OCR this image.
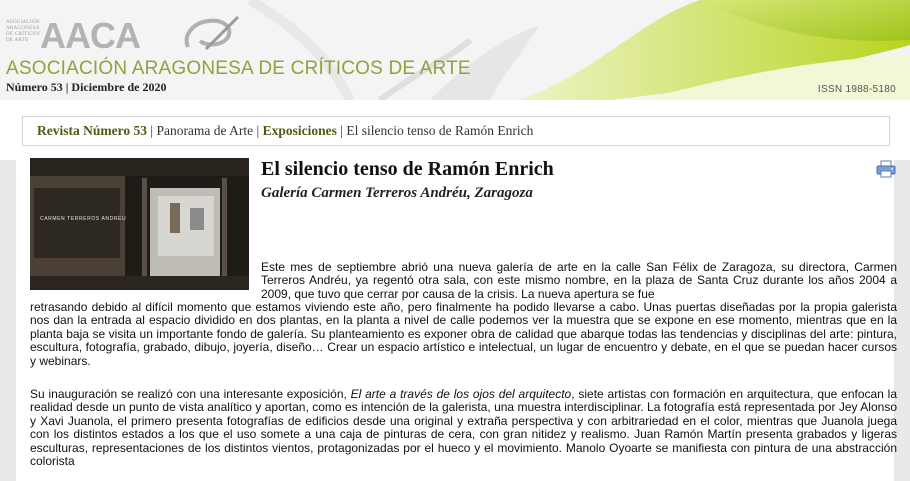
ASOCIACIÓN
ARAGONESA
DE CRÍTICOS
DE ARTE AACA
ASOCIACIÓN ARAGONESA DE CRÍTICOS DE ARTE
Número 53 | Diciembre de 2020	ISSN 1988-5180
Revista Número 53 | Panorama de Arte | Exposiciones | El silencio tenso de Ramón Enrich
CARMEN TERREROS ANDRÉU
El silencio tenso de Ramón Enrich
Galería Carmen Terreros Andréu, Zaragoza

Este mes de septiembre abrió una nueva galería de arte en la calle San Félix de Zaragoza, su directora, Carmen Terreros Andréu, ya regentó otra sala, con este mismo nombre, en la plaza de Santa Cruz durante los años 2004 a 2009, que tuvo que cerrar por causa de la crisis. La nueva apertura se fue

retrasando debido al difícil momento que estamos viviendo este año, pero finalmente ha podido llevarse a cabo. Unas puertas diseñadas por la propia galerista nos dan la entrada al espacio dividido en dos plantas, en la planta a nivel de calle podemos ver la muestra que se expone en ese momento, mientras que en la planta baja se visita un importante fondo de galería. Su planteamiento es exponer obra de calidad que abarque todas las tendencias y disciplinas del arte: pintura, escultura, fotografía, grabado, dibujo, joyería, diseño… Crear un espacio artístico e intelectual, un lugar de encuentro y debate, en el que se puedan hacer cursos y webinars.

Su inauguración se realizó con una interesante exposición, El arte a través de los ojos del arquitecto, siete artistas con formación en arquitectura, que enfocan la realidad desde un punto de vista analítico y aportan, como es intención de la galerista, una muestra interdisciplinar. La fotografía está representada por Jey Alonso y Xavi Juanola, el primero presenta fotografías de edificios desde una original y extraña perspectiva y con arbitrariedad en el color, mientras que Juanola juega con los distintos estados a los que el uso somete a una caja de pinturas de cera, con gran nitidez y realismo. Juan Ramón Martín presenta grabados y ligeras esculturas, representaciones de los distintos vientos, protagonizadas por el hueco y el movimiento. Manolo Oyoarte se manifiesta con pintura de una abstracción colorista
